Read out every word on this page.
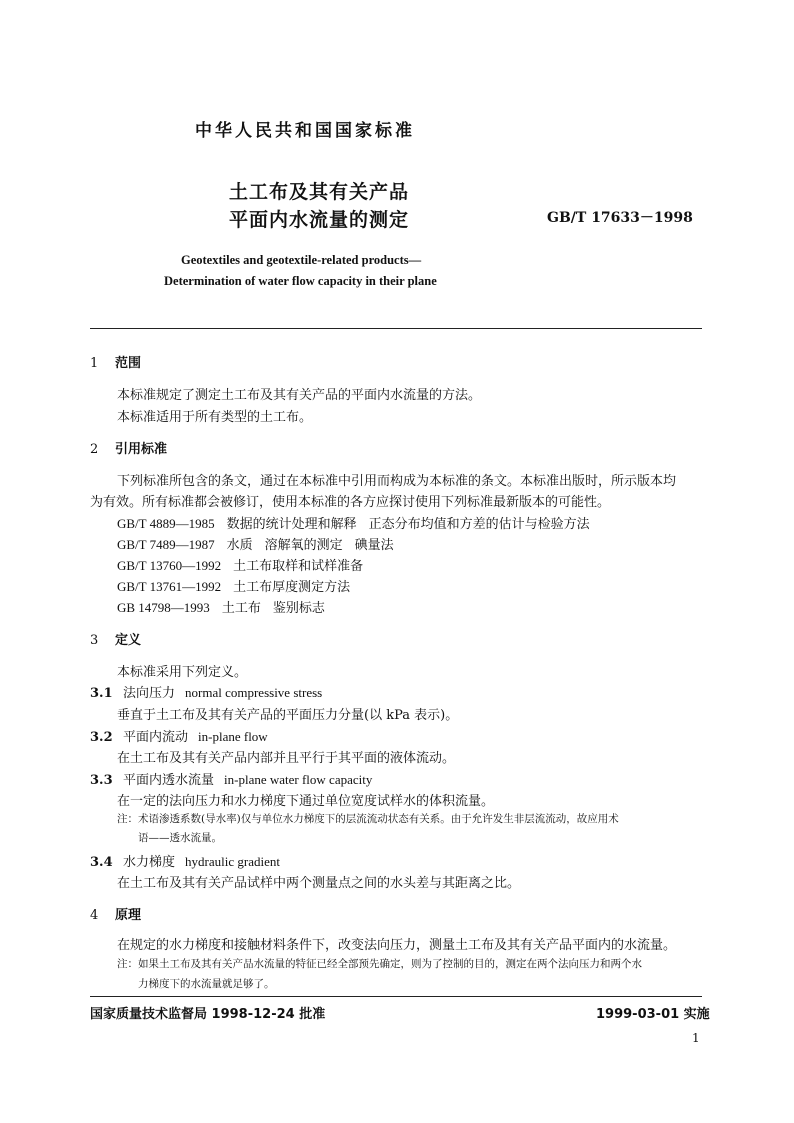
中华人民共和国国家标准
土工布及其有关产品
平面内水流量的测定	GB/T 17633－1998
Geotextiles and geotextile-related products—
Determination of water flow capacity in their plane
1 范围
本标准规定了测定土工布及其有关产品的平面内水流量的方法。
本标准适用于所有类型的土工布。
2 引用标准
下列标准所包含的条文，通过在本标准中引用而构成为本标准的条文。本标准出版时，所示版本均
为有效。所有标准都会被修订，使用本标准的各方应探讨使用下列标准最新版本的可能性。
GB/T 4889—1985 数据的统计处理和解释 正态分布均值和方差的估计与检验方法
GB/T 7489—1987 水质 溶解氧的测定 碘量法
GB/T 13760—1992 土工布取样和试样准备
GB/T 13761—1992 土工布厚度测定方法
GB 14798—1993 土工布 鉴别标志
3 定义
本标准采用下列定义。
3.1 法向压力 normal compressive stress
垂直于土工布及其有关产品的平面压力分量(以 kPa 表示)。
3.2 平面内流动 in-plane flow
在土工布及其有关产品内部并且平行于其平面的液体流动。
3.3 平面内透水流量 in-plane water flow capacity
在一定的法向压力和水力梯度下通过单位宽度试样水的体积流量。
注：术语渗透系数(导水率)仅与单位水力梯度下的层流流动状态有关系。由于允许发生非层流流动，故应用术
语——透水流量。
3.4 水力梯度 hydraulic gradient
在土工布及其有关产品试样中两个测量点之间的水头差与其距离之比。
4 原理
在规定的水力梯度和接触材料条件下，改变法向压力，测量土工布及其有关产品平面内的水流量。
注：如果土工布及其有关产品水流量的特征已经全部预先确定，则为了控制的目的，测定在两个法向压力和两个水
力梯度下的水流量就足够了。
国家质量技术监督局 1998-12-24 批准	1999-03-01 实施
1
